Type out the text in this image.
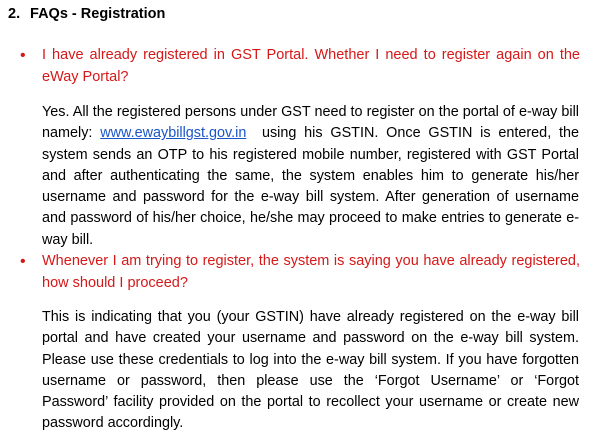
2. FAQs - Registration
• I have already registered in GST Portal. Whether I need to register again on the eWay Portal?
Yes. All the registered persons under GST need to register on the portal of e-way bill namely: www.ewaybillgst.gov.in  using his GSTIN. Once GSTIN is entered, the system sends an OTP to his registered mobile number, registered with GST Portal and after authenticating the same, the system enables him to generate his/her username and password for the e-way bill system. After generation of username and password of his/her choice, he/she may proceed to make entries to generate e-way bill.
• Whenever I am trying to register, the system is saying you have already registered, how should I proceed?
This is indicating that you (your GSTIN) have already registered on the e-way bill portal and have created your username and password on the e-way bill system. Please use these credentials to log into the e-way bill system. If you have forgotten username or password, then please use the ‘Forgot Username’ or ‘Forgot Password’ facility provided on the portal to recollect your username or create new password accordingly.
